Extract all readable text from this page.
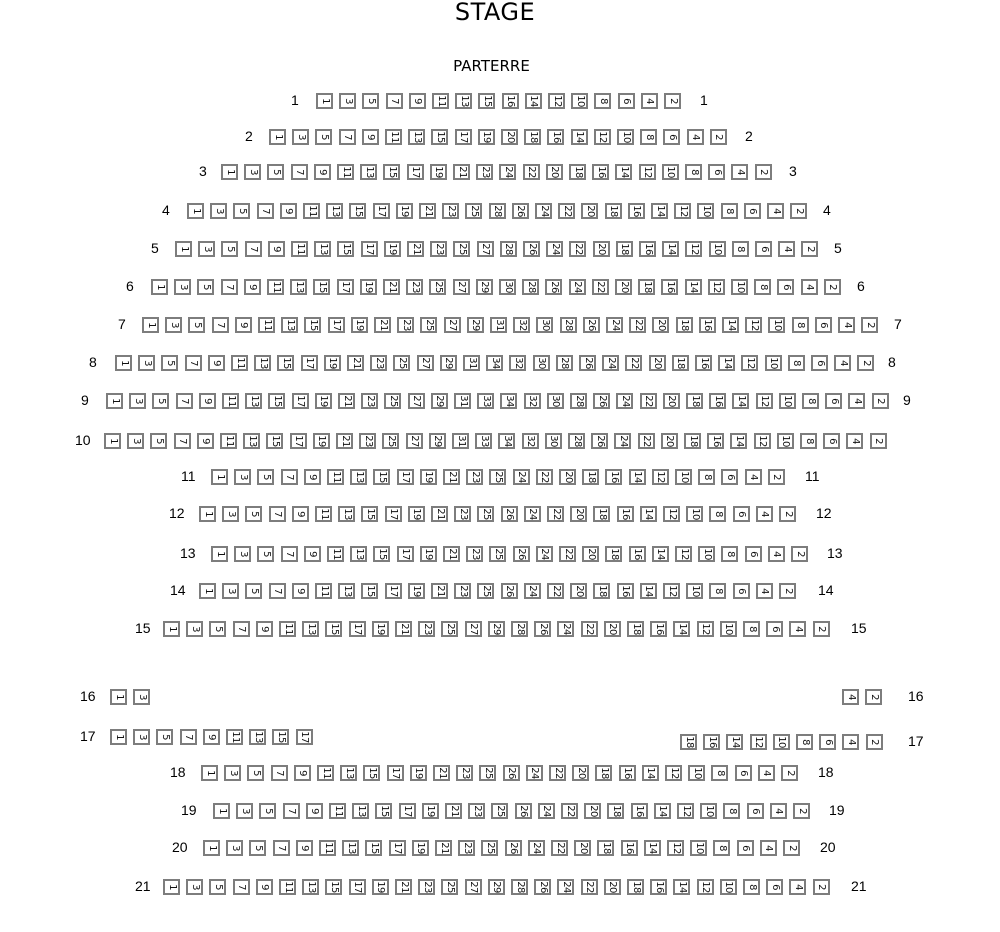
STAGE
PARTERRE
1 1 3 5 7 9 11 13 15 16 14 12 10 8 6 4 2 1
2 1 3 5 7 9 11 13 15 17 19 20 18 16 14 12 10 8 6 4 2 2
3 1 3 5 7 9 11 13 15 17 19 21 23 24 22 20 18 16 14 12 10 8 6 4 2 3
4 1 3 5 7 9 11 13 15 17 19 21 23 25 28 26 24 22 20 18 16 14 12 10 8 6 4 2 4
5 1 3 5 7 9 11 13 15 17 19 21 23 25 27 28 26 24 22 20 18 16 14 12 10 8 6 4 2 5
6 1 3 5 7 9 11 13 15 17 19 21 23 25 27 29 30 28 26 24 22 20 18 16 14 12 10 8 6 4 2 6
7 1 3 5 7 9 11 13 15 17 19 21 23 25 27 29 31 32 30 28 26 24 22 20 18 16 14 12 10 8 6 4 2 7
8 1 3 5 7 9 11 13 15 17 19 21 23 25 27 29 31 34 32 30 28 26 24 22 20 18 16 14 12 10 8 6 4 2 8
9 1 3 5 7 9 11 13 15 17 19 21 23 25 27 29 31 33 34 32 30 28 26 24 22 20 18 16 14 12 10 8 6 4 2 9
10 1 3 5 7 9 11 13 15 17 19 21 23 25 27 29 31 33 34 32 30 28 26 24 22 20 18 16 14 12 10 8 6 4 2
11 1 3 5 7 9 11 13 15 17 19 21 23 25 24 22 20 18 16 14 12 10 8 6 4 2 11
12 1 3 5 7 9 11 13 15 17 19 21 23 25 26 24 22 20 18 16 14 12 10 8 6 4 2 12
13 1 3 5 7 9 11 13 15 17 19 21 23 25 26 24 22 20 18 16 14 12 10 8 6 4 2 13
14 1 3 5 7 9 11 13 15 17 19 21 23 25 26 24 22 20 18 16 14 12 10 8 6 4 2 14
15 1 3 5 7 9 11 13 15 17 19 21 23 25 27 29 28 26 24 22 20 18 16 14 12 10 8 6 4 2 15
16 1 3	4 2 16
17 1 3 5 7 9 11 13 15 17	18 16 14 12 10 8 6 4 2 17
18 1 3 5 7 9 11 13 15 17 19 21 23 25 26 24 22 20 18 16 14 12 10 8 6 4 2 18
19 1 3 5 7 9 11 13 15 17 19 21 23 25 26 24 22 20 18 16 14 12 10 8 6 4 2 19
20 1 3 5 7 9 11 13 15 17 19 21 23 25 26 24 22 20 18 16 14 12 10 8 6 4 2 20
21 1 3 5 7 9 11 13 15 17 19 21 23 25 27 29 28 26 24 22 20 18 16 14 12 10 8 6 4 2 21
